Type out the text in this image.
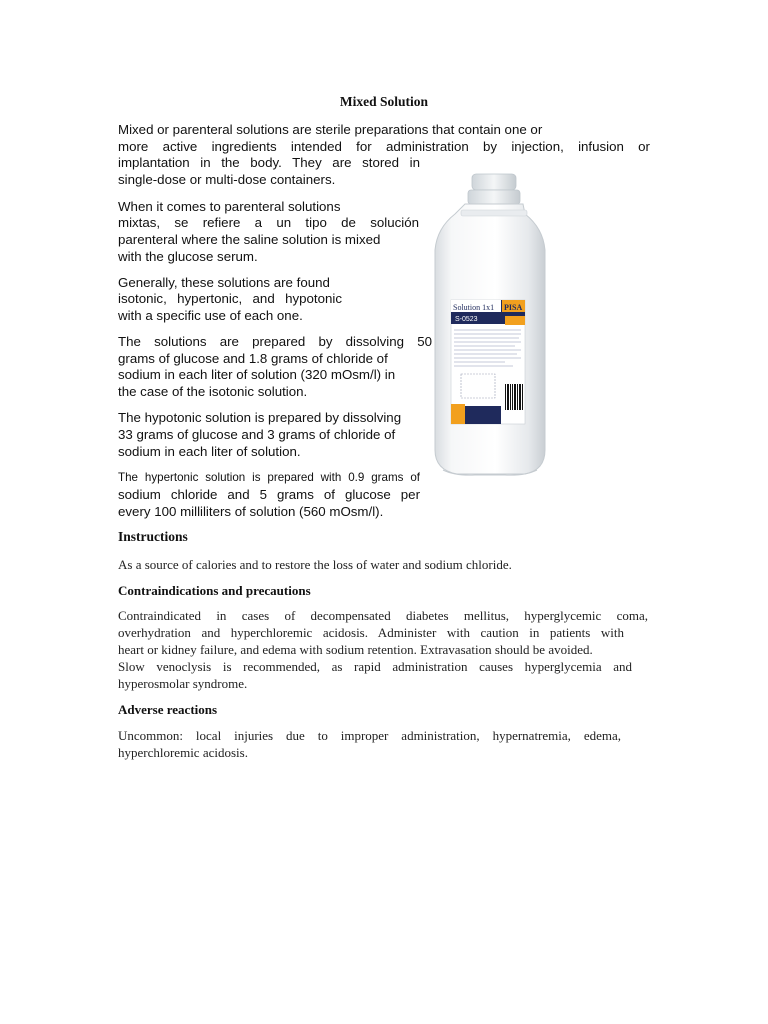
Mixed Solution

Mixed or parenteral solutions are sterile preparations that contain one or

more active ingredients intended for administration by injection, infusion or

implantation in the body. They are stored in

single-dose or multi-dose containers.

When it comes to parenteral solutions

mixtas, se refiere a un tipo de solución

parenteral where the saline solution is mixed

with the glucose serum.

Generally, these solutions are found

isotonic, hypertonic, and hypotonic

with a specific use of each one.

The solutions are prepared by dissolving 50

grams of glucose and 1.8 grams of chloride of

sodium in each liter of solution (320 mOsm/l) in

the case of the isotonic solution.

The hypotonic solution is prepared by dissolving

33 grams of glucose and 3 grams of chloride of

sodium in each liter of solution.

The hypertonic solution is prepared with 0.9 grams of

sodium chloride and 5 grams of glucose per

every 100 milliliters of solution (560 mOsm/l).

Solution 1x1
S-0523
PISA
Instructions

As a source of calories and to restore the loss of water and sodium chloride.

Contraindications and precautions

Contraindicated in cases of decompensated diabetes mellitus, hyperglycemic coma,

overhydration and hyperchloremic acidosis. Administer with caution in patients with

heart or kidney failure, and edema with sodium retention. Extravasation should be avoided.

Slow venoclysis is recommended, as rapid administration causes hyperglycemia and

hyperosmolar syndrome.

Adverse reactions

Uncommon: local injuries due to improper administration, hypernatremia, edema,

hyperchloremic acidosis.
